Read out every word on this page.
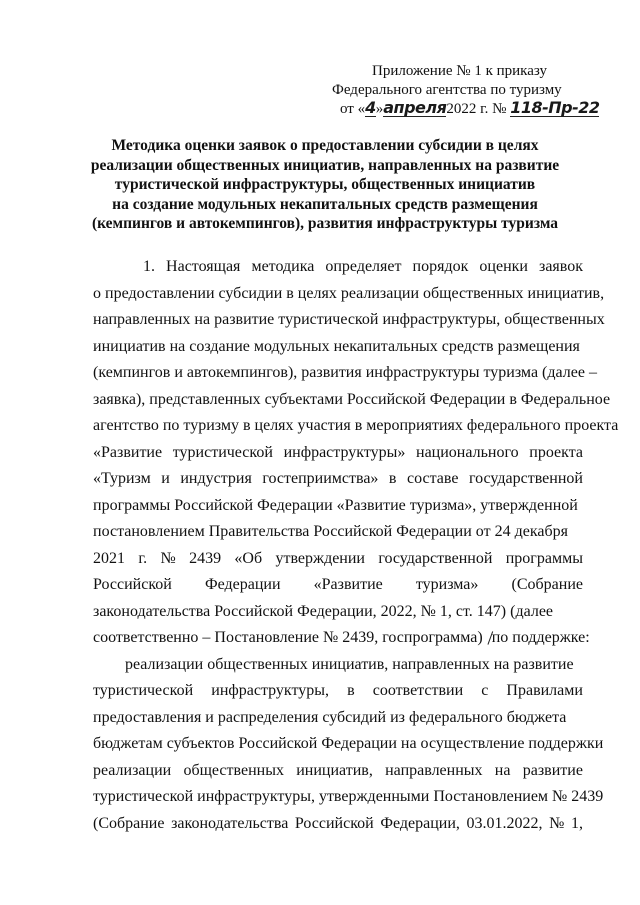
Приложение № 1 к приказу
Федерального агентства по туризму
от «4»апреля2022 г. № 118-Пр-22
Методика оценки заявок о предоставлении субсидии в целях
реализации общественных инициатив, направленных на развитие
туристической инфраструктуры, общественных инициатив
на создание модульных некапитальных средств размещения
(кемпингов и автокемпингов), развития инфраструктуры туризма
1. Настоящая методика определяет порядок оценки заявок
о предоставлении субсидии в целях реализации общественных инициатив,
направленных на развитие туристической инфраструктуры, общественных
инициатив на создание модульных некапитальных средств размещения
(кемпингов и автокемпингов), развития инфраструктуры туризма (далее –
заявка), представленных субъектами Российской Федерации в Федеральное
агентство по туризму в целях участия в мероприятиях федерального проекта
«Развитие туристической инфраструктуры» национального проекта
«Туризм и индустрия гостеприимства» в составе государственной
программы Российской Федерации «Развитие туризма», утвержденной
постановлением Правительства Российской Федерации от 24 декабря
2021 г. № 2439 «Об утверждении государственной программы
Российской Федерации «Развитие туризма» (Собрание
законодательства Российской Федерации, 2022, № 1, ст. 147) (далее
соответственно – Постановление № 2439, госпрограмма) по поддержке:
реализации общественных инициатив, направленных на развитие
туристической инфраструктуры, в соответствии с Правилами
предоставления и распределения субсидий из федерального бюджета
бюджетам субъектов Российской Федерации на осуществление поддержки
реализации общественных инициатив, направленных на развитие
туристической инфраструктуры, утвержденными Постановлением № 2439
(Собрание законодательства Российской Федерации, 03.01.2022, № 1,
